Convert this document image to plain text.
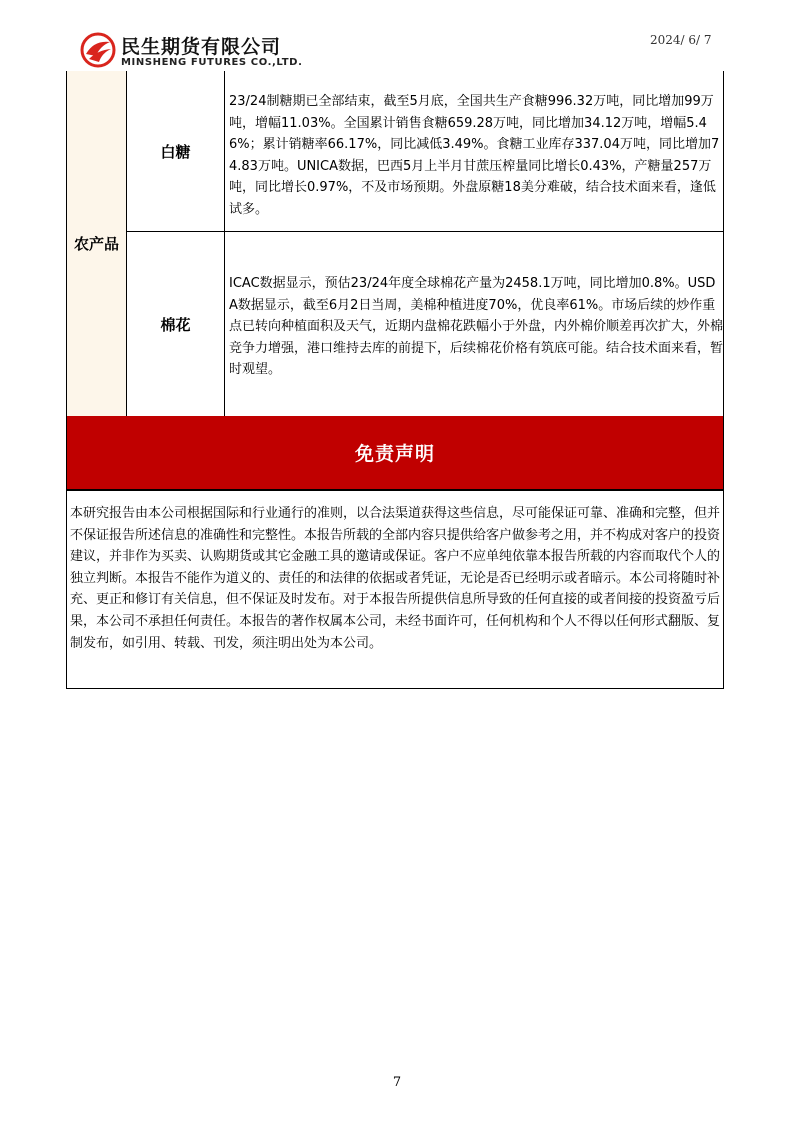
民生期货有限公司
MINSHENG FUTURES CO.,LTD.
2024/ 6/ 7
农产品
白糖
23/24制糖期已全部结束，截至5月底，全国共生产食糖996.32万吨，同比增加99万吨，增幅11.03%。全国累计销售食糖659.28万吨，同比增加34.12万吨，增幅5.46%；累计销糖率66.17%，同比减低3.49%。食糖工业库存337.04万吨，同比增加74.83万吨。UNICA数据，巴西5月上半月甘蔗压榨量同比增长0.43%，产糖量257万吨，同比增长0.97%，不及市场预期。外盘原糖18美分难破，结合技术面来看，逢低试多。
棉花
ICAC数据显示，预估23/24年度全球棉花产量为2458.1万吨，同比增加0.8%。USDA数据显示，截至6月2日当周，美棉种植进度70%，优良率61%。市场后续的炒作重点已转向种植面积及天气，近期内盘棉花跌幅小于外盘，内外棉价顺差再次扩大，外棉竞争力增强，港口维持去库的前提下，后续棉花价格有筑底可能。结合技术面来看，暂时观望。
免责声明
本研究报告由本公司根据国际和行业通行的准则，以合法渠道获得这些信息，尽可能保证可靠、准确和完整，但并不保证报告所述信息的准确性和完整性。本报告所载的全部内容只提供给客户做参考之用，并不构成对客户的投资建议，并非作为买卖、认购期货或其它金融工具的邀请或保证。客户不应单纯依靠本报告所载的内容而取代个人的独立判断。本报告不能作为道义的、责任的和法律的依据或者凭证，无论是否已经明示或者暗示。本公司将随时补充、更正和修订有关信息，但不保证及时发布。对于本报告所提供信息所导致的任何直接的或者间接的投资盈亏后果，本公司不承担任何责任。本报告的著作权属本公司，未经书面许可，任何机构和个人不得以任何形式翻版、复制发布，如引用、转载、刊发，须注明出处为本公司。
7
